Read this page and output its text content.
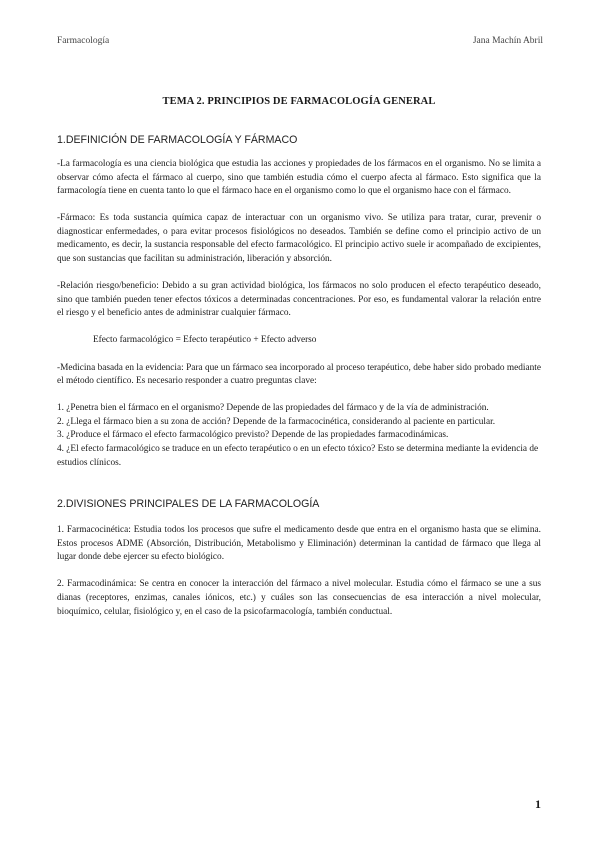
Farmacología	Jana Machín Abril
TEMA 2. PRINCIPIOS DE FARMACOLOGÍA GENERAL
1.DEFINICIÓN DE FARMACOLOGÍA Y FÁRMACO

-La farmacología es una ciencia biológica que estudia las acciones y propiedades de los fármacos en el organismo. No se limita a observar cómo afecta el fármaco al cuerpo, sino que también estudia cómo el cuerpo afecta al fármaco. Esto significa que la farmacología tiene en cuenta tanto lo que el fármaco hace en el organismo como lo que el organismo hace con el fármaco.

-Fármaco: Es toda sustancia química capaz de interactuar con un organismo vivo. Se utiliza para tratar, curar, prevenir o diagnosticar enfermedades, o para evitar procesos fisiológicos no deseados. También se define como el principio activo de un medicamento, es decir, la sustancia responsable del efecto farmacológico. El principio activo suele ir acompañado de excipientes, que son sustancias que facilitan su administración, liberación y absorción.

-Relación riesgo/beneficio: Debido a su gran actividad biológica, los fármacos no solo producen el efecto terapéutico deseado, sino que también pueden tener efectos tóxicos a determinadas concentraciones. Por eso, es fundamental valorar la relación entre el riesgo y el beneficio antes de administrar cualquier fármaco.

Efecto farmacológico = Efecto terapéutico + Efecto adverso

-Medicina basada en la evidencia: Para que un fármaco sea incorporado al proceso terapéutico, debe haber sido probado mediante el método científico. Es necesario responder a cuatro preguntas clave:

1. ¿Penetra bien el fármaco en el organismo? Depende de las propiedades del fármaco y de la vía de administración.

2. ¿Llega el fármaco bien a su zona de acción? Depende de la farmacocinética, considerando al paciente en particular.

3. ¿Produce el fármaco el efecto farmacológico previsto? Depende de las propiedades farmacodinámicas.

4. ¿El efecto farmacológico se traduce en un efecto terapéutico o en un efecto tóxico? Esto se determina mediante la evidencia de estudios clínicos.

2.DIVISIONES PRINCIPALES DE LA FARMACOLOGÍA

1. Farmacocinética: Estudia todos los procesos que sufre el medicamento desde que entra en el organismo hasta que se elimina. Estos procesos ADME (Absorción, Distribución, Metabolismo y Eliminación) determinan la cantidad de fármaco que llega al lugar donde debe ejercer su efecto biológico.

2. Farmacodinámica: Se centra en conocer la interacción del fármaco a nivel molecular. Estudia cómo el fármaco se une a sus dianas (receptores, enzimas, canales iónicos, etc.) y cuáles son las consecuencias de esa interacción a nivel molecular, bioquímico, celular, fisiológico y, en el caso de la psicofarmacología, también conductual.

1
